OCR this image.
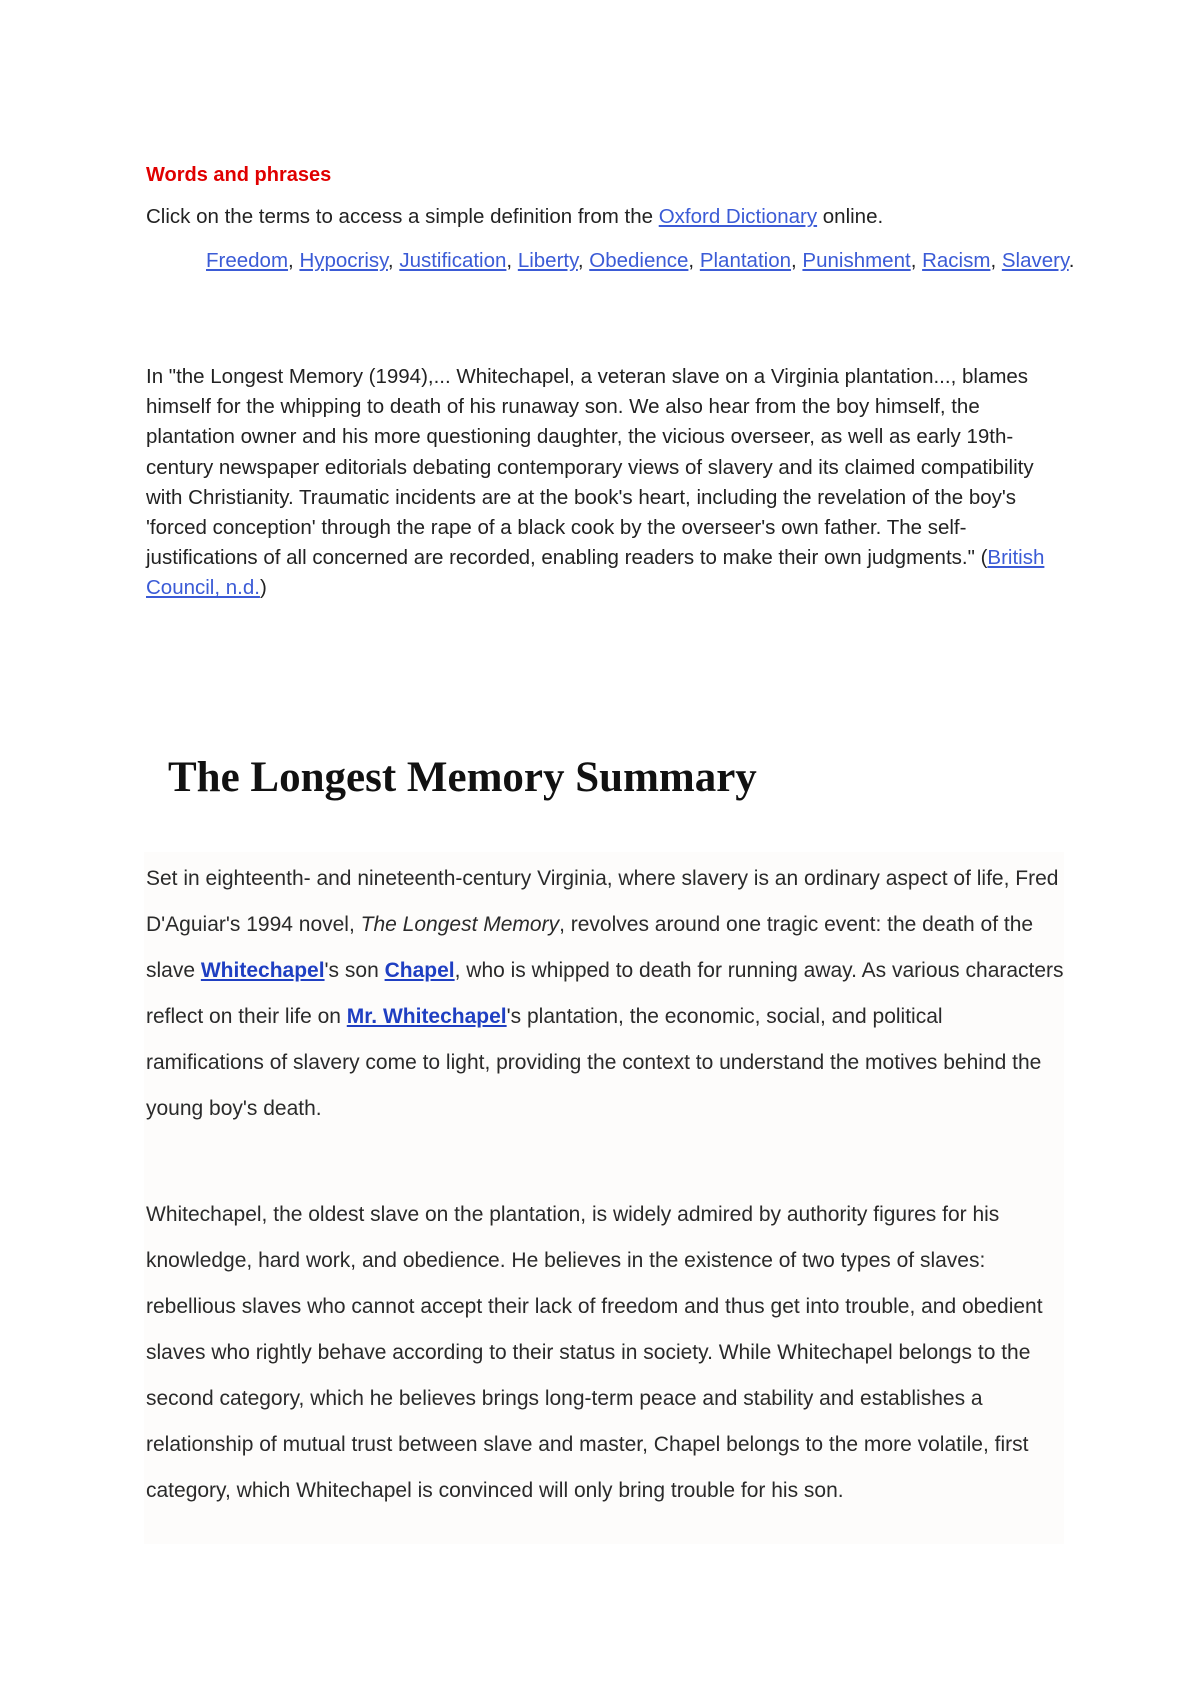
Words and phrases

Click on the terms to access a simple definition from the Oxford Dictionary online.

Freedom, Hypocrisy, Justification, Liberty, Obedience, Plantation, Punishment, Racism, Slavery.

In "the Longest Memory (1994),... Whitechapel, a veteran slave on a Virginia plantation..., blames himself for the whipping to death of his runaway son. We also hear from the boy himself, the plantation owner and his more questioning daughter, the vicious overseer, as well as early 19th-century newspaper editorials debating contemporary views of slavery and its claimed compatibility with Christianity. Traumatic incidents are at the book's heart, including the revelation of the boy's 'forced conception' through the rape of a black cook by the overseer's own father. The self-justifications of all concerned are recorded, enabling readers to make their own judgments." (British Council, n.d.)

The Longest Memory Summary

Set in eighteenth- and nineteenth-century Virginia, where slavery is an ordinary aspect of life, Fred D'Aguiar's 1994 novel, The Longest Memory, revolves around one tragic event: the death of the slave Whitechapel's son Chapel, who is whipped to death for running away. As various characters reflect on their life on Mr. Whitechapel's plantation, the economic, social, and political ramifications of slavery come to light, providing the context to understand the motives behind the young boy's death.

Whitechapel, the oldest slave on the plantation, is widely admired by authority figures for his knowledge, hard work, and obedience. He believes in the existence of two types of slaves: rebellious slaves who cannot accept their lack of freedom and thus get into trouble, and obedient slaves who rightly behave according to their status in society. While Whitechapel belongs to the second category, which he believes brings long-term peace and stability and establishes a relationship of mutual trust between slave and master, Chapel belongs to the more volatile, first category, which Whitechapel is convinced will only bring trouble for his son.
